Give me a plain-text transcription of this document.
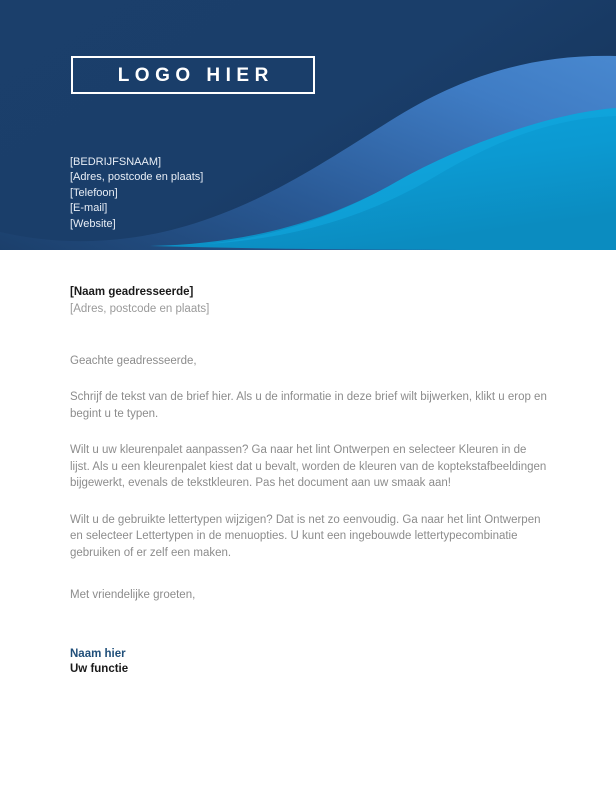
LOGO HIER
[BEDRIJFSNAAM]
[Adres, postcode en plaats]
[Telefoon]
[E-mail]
[Website]
[Naam geadresseerde]
[Adres, postcode en plaats]
Geachte geadresseerde,
Schrijf de tekst van de brief hier. Als u de informatie in deze brief wilt bijwerken, klikt u erop en begint u te typen.
Wilt u uw kleurenpalet aanpassen? Ga naar het lint Ontwerpen en selecteer Kleuren in de lijst. Als u een kleurenpalet kiest dat u bevalt, worden de kleuren van de koptekstafbeeldingen bijgewerkt, evenals de tekstkleuren. Pas het document aan uw smaak aan!
Wilt u de gebruikte lettertypen wijzigen? Dat is net zo eenvoudig. Ga naar het lint Ontwerpen en selecteer Lettertypen in de menuopties. U kunt een ingebouwde lettertypecombinatie gebruiken of er zelf een maken.
Met vriendelijke groeten,
Naam hier
Uw functie
